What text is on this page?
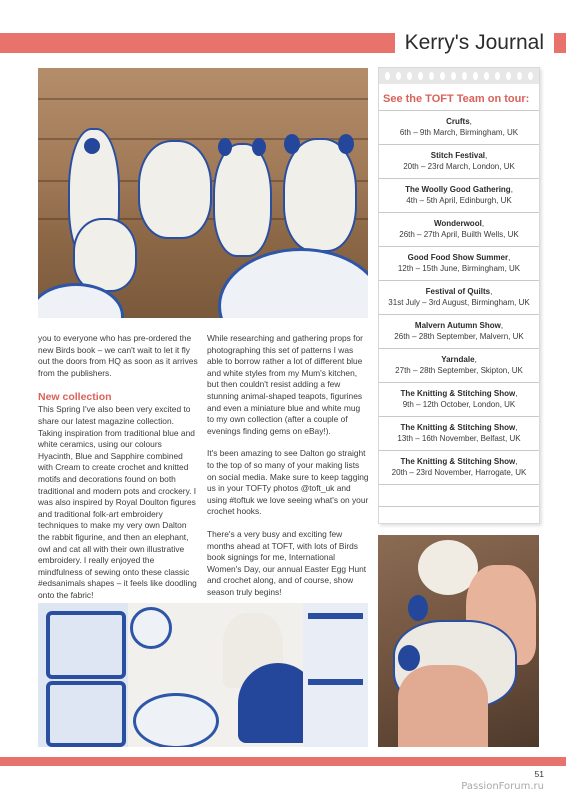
Kerry's Journal

you to everyone who has pre-ordered the new Birds book – we can't wait to let it fly out the doors from HQ as soon as it arrives from the publishers.

New collection

This Spring I've also been very excited to share our latest magazine collection. Taking inspiration from traditional blue and white ceramics, using our colours Hyacinth, Blue and Sapphire combined with Cream to create crochet and knitted motifs and decorations found on both traditional and modern pots and crockery. I was also inspired by Royal Doulton figures and traditional folk-art embroidery techniques to make my very own Dalton the rabbit figurine, and then an elephant, owl and cat all with their own illustrative embroidery. I really enjoyed the mindfulness of sewing onto these classic #edsanimals shapes – it feels like doodling onto the fabric!

While researching and gathering props for photographing this set of patterns I was able to borrow rather a lot of different blue and white styles from my Mum's kitchen, but then couldn't resist adding a few stunning animal-shaped teapots, figurines and even a miniature blue and white mug to my own collection (after a couple of evenings finding gems on eBay!).

It's been amazing to see Dalton go straight to the top of so many of your making lists on social media. Make sure to keep tagging us in your TOFTy photos @toft_uk and using #toftuk we love seeing what's on your crochet hooks.

There's a very busy and exciting few months ahead at TOFT, with lots of Birds book signings for me, International Women's Day, our annual Easter Egg Hunt and crochet along, and of course, show season truly begins!

See the TOFT Team on tour:
Crufts,
6th – 9th March, Birmingham, UK
Stitch Festival,
20th – 23rd March, London, UK
The Woolly Good Gathering,
4th – 5th April, Edinburgh, UK
Wonderwool,
26th – 27th April, Builth Wells, UK
Good Food Show Summer,
12th – 15th June, Birmingham, UK
Festival of Quilts,
31st July – 3rd August, Birmingham, UK
Malvern Autumn Show,
26th – 28th September, Malvern, UK
Yarndale,
27th – 28th September, Skipton, UK
The Knitting & Stitching Show,
9th – 12th October, London, UK
The Knitting & Stitching Show,
13th – 16th November, Belfast, UK
The Knitting & Stitching Show,
20th – 23rd November, Harrogate, UK
51
PassionForum.ru
